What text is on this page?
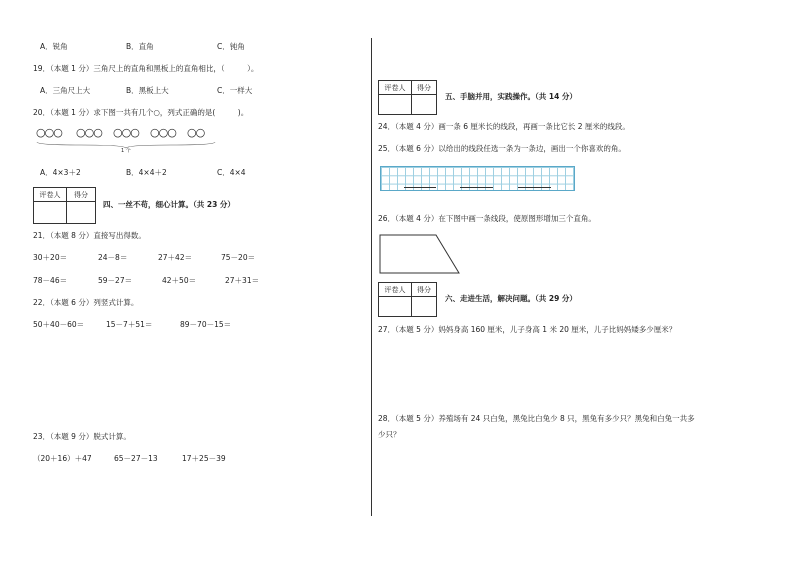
A．锐角	B．直角	C．钝角
19．（本题 1 分）三角尺上的直角和黑板上的直角相比，（　　　）。
A．三角尺上大	B．黑板上大	C．一样大
20．（本题 1 分）求下图一共有几个○，列式正确的是(　　　)。
○○○ ○○○ ○○○ ○○○ ○○
1 个
A．4×3＋2	B．4×4＋2	C．4×4
评卷人	得分

四、一丝不苟，细心计算。（共 23 分）
21．（本题 8 分）直接写出得数。
30＋20＝	24－8＝	27＋42＝	75－20＝
78－46＝	59－27＝	42＋50＝	27＋31＝
22．（本题 6 分）列竖式计算。
50＋40－60＝	15－7＋51＝	89－70－15＝
23．（本题 9 分）脱式计算。
（20＋16）＋47	65－27－13	17＋25－39
评卷人	得分

五、手脑并用，实践操作。（共 14 分）
24．（本题 4 分）画一条 6 厘米长的线段，再画一条比它长 2 厘米的线段。
25．（本题 6 分）以给出的线段任选一条为一条边，画出一个你喜欢的角。
26．（本题 4 分）在下图中画一条线段，使原图形增加三个直角。
评卷人	得分

六、走进生活，解决问题。（共 29 分）
27．（本题 5 分）妈妈身高 160 厘米，儿子身高 1 米 20 厘米，儿子比妈妈矮多少厘米？
28．（本题 5 分）养殖场有 24 只白兔，黑兔比白兔少 8 只，黑兔有多少只？黑兔和白兔一共多
少只？
